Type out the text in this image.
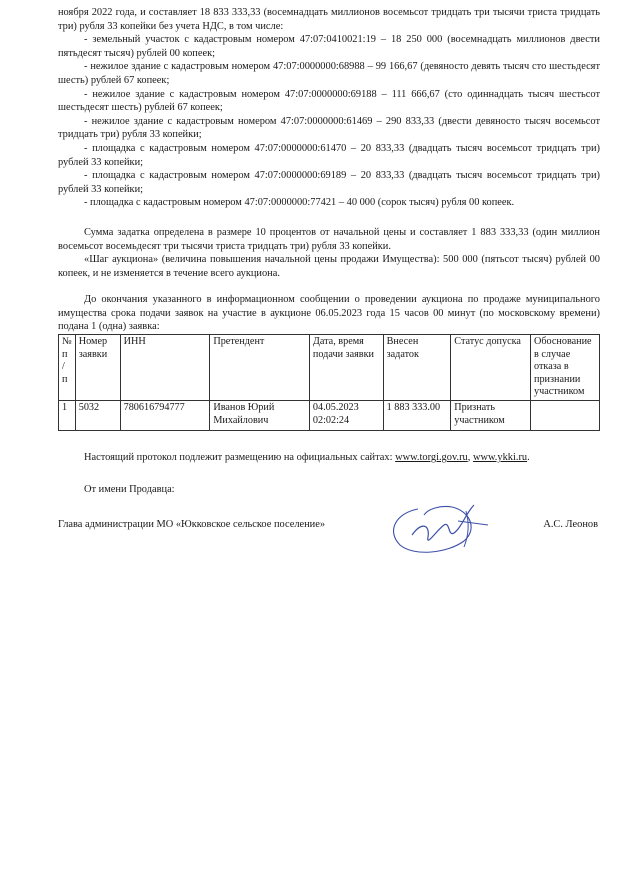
ноября 2022 года, и составляет 18 833 333,33 (восемнадцать миллионов восемьсот тридцать три тысячи триста тридцать три) рубля 33 копейки без учета НДС, в том числе:

- земельный участок с кадастровым номером 47:07:0410021:19 – 18 250 000 (восемнадцать миллионов двести пятьдесят тысяч) рублей 00 копеек;

- нежилое здание с кадастровым номером 47:07:0000000:68988 – 99 166,67 (девяносто девять тысяч сто шестьдесят шесть) рублей 67 копеек;

- нежилое здание с кадастровым номером 47:07:0000000:69188 – 111 666,67 (сто одиннадцать тысяч шестьсот шестьдесят шесть) рублей 67 копеек;

- нежилое здание с кадастровым номером 47:07:0000000:61469 – 290 833,33 (двести девяносто тысяч восемьсот тридцать три) рубля 33 копейки;

- площадка с кадастровым номером 47:07:0000000:61470 – 20 833,33 (двадцать тысяч восемьсот тридцать три) рублей 33 копейки;

- площадка с кадастровым номером 47:07:0000000:69189 – 20 833,33 (двадцать тысяч восемьсот тридцать три) рублей 33 копейки;

- площадка с кадастровым номером 47:07:0000000:77421 – 40 000 (сорок тысяч) рубля 00 копеек.

Сумма задатка определена в размере 10 процентов от начальной цены и составляет 1 883 333,33 (один миллион восемьсот восемьдесят три тысячи триста тридцать три) рубля 33 копейки.

«Шаг аукциона» (величина повышения начальной цены продажи Имущества): 500 000 (пятьсот тысяч) рублей 00 копеек, и не изменяется в течение всего аукциона.

До окончания указанного в информационном сообщении о проведении аукциона по продаже муниципального имущества срока подачи заявок на участие в аукционе 06.05.2023 года 15 часов 00 минут (по московскому времени) подана 1 (одна) заявка:

№ п / п	Номер заявки	ИНН	Претендент	Дата, время подачи заявки	Внесен задаток	Статус допуска	Обоснование в случае отказа в признании участником
1	5032	780616794777	Иванов Юрий Михайлович	04.05.2023 02:02:24	1 883 333.00	Признать участником	

Настоящий протокол подлежит размещению на официальных сайтах: www.torgi.gov.ru, www.ykki.ru.

От имени Продавца:

Глава администрации МО «Юкковское сельское поселение»	А.С. Леонов
